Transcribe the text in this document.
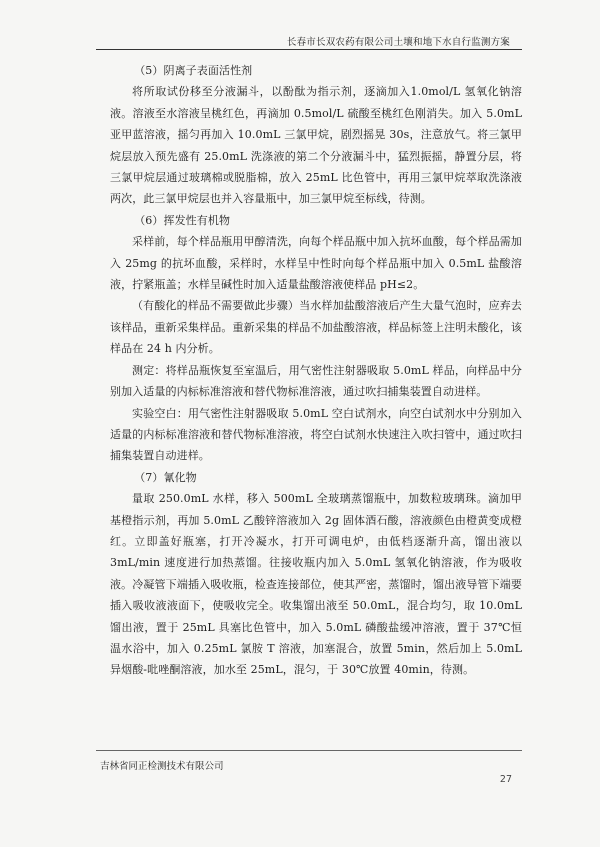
长春市长双农药有限公司土壤和地下水自行监测方案

（5）阴离子表面活性剂

将所取试份移至分液漏斗，以酚酞为指示剂，逐滴加入1.0mol/L 氢氧化钠溶液。溶液至水溶液呈桃红色，再滴加 0.5mol/L 硫酸至桃红色刚消失。加入 5.0mL 亚甲蓝溶液，摇匀再加入 10.0mL 三氯甲烷，剧烈摇晃 30s，注意放气。将三氯甲烷层放入预先盛有 25.0mL 洗涤液的第二个分液漏斗中，猛烈振摇，静置分层，将三氯甲烷层通过玻璃棉或脱脂棉，放入 25mL 比色管中，再用三氯甲烷萃取洗涤液两次，此三氯甲烷层也并入容量瓶中，加三氯甲烷至标线，待测。

（6）挥发性有机物

采样前，每个样品瓶用甲醇清洗，向每个样品瓶中加入抗坏血酸，每个样品需加入 25mg 的抗坏血酸，采样时，水样呈中性时向每个样品瓶中加入 0.5mL 盐酸溶液，拧紧瓶盖；水样呈碱性时加入适量盐酸溶液使样品 pH≤2。

（有酸化的样品不需要做此步骤）当水样加盐酸溶液后产生大量气泡时，应弃去该样品，重新采集样品。重新采集的样品不加盐酸溶液，样品标签上注明未酸化，该样品在 24 h 内分析。

测定：将样品瓶恢复至室温后，用气密性注射器吸取 5.0mL 样品，向样品中分别加入适量的内标标准溶液和替代物标准溶液，通过吹扫捕集装置自动进样。

实验空白：用气密性注射器吸取 5.0mL 空白试剂水，向空白试剂水中分别加入适量的内标标准溶液和替代物标准溶液，将空白试剂水快速注入吹扫管中，通过吹扫捕集装置自动进样。

（7）氰化物

量取 250.0mL 水样，移入 500mL 全玻璃蒸馏瓶中，加数粒玻璃珠。滴加甲基橙指示剂，再加 5.0mL 乙酸锌溶液加入 2g 固体酒石酸，溶液颜色由橙黄变成橙红。立即盖好瓶塞，打开冷凝水，打开可调电炉，由低档逐渐升高，馏出液以 3mL/min 速度进行加热蒸馏。往接收瓶内加入 5.0mL 氢氧化钠溶液，作为吸收液。冷凝管下端插入吸收瓶，检查连接部位，使其严密，蒸馏时，馏出液导管下端要插入吸收液液面下，使吸收完全。收集馏出液至 50.0mL，混合均匀，取 10.0mL 馏出液，置于 25mL 具塞比色管中，加入 5.0mL 磷酸盐缓冲溶液，置于 37℃恒温水浴中，加入 0.25mL 氯胺 T 溶液，加塞混合，放置 5min，然后加上 5.0mL 异烟酸-吡唑酮溶液，加水至 25mL，混匀，于 30℃放置 40min，待测。

吉林省同正检测技术有限公司
27
